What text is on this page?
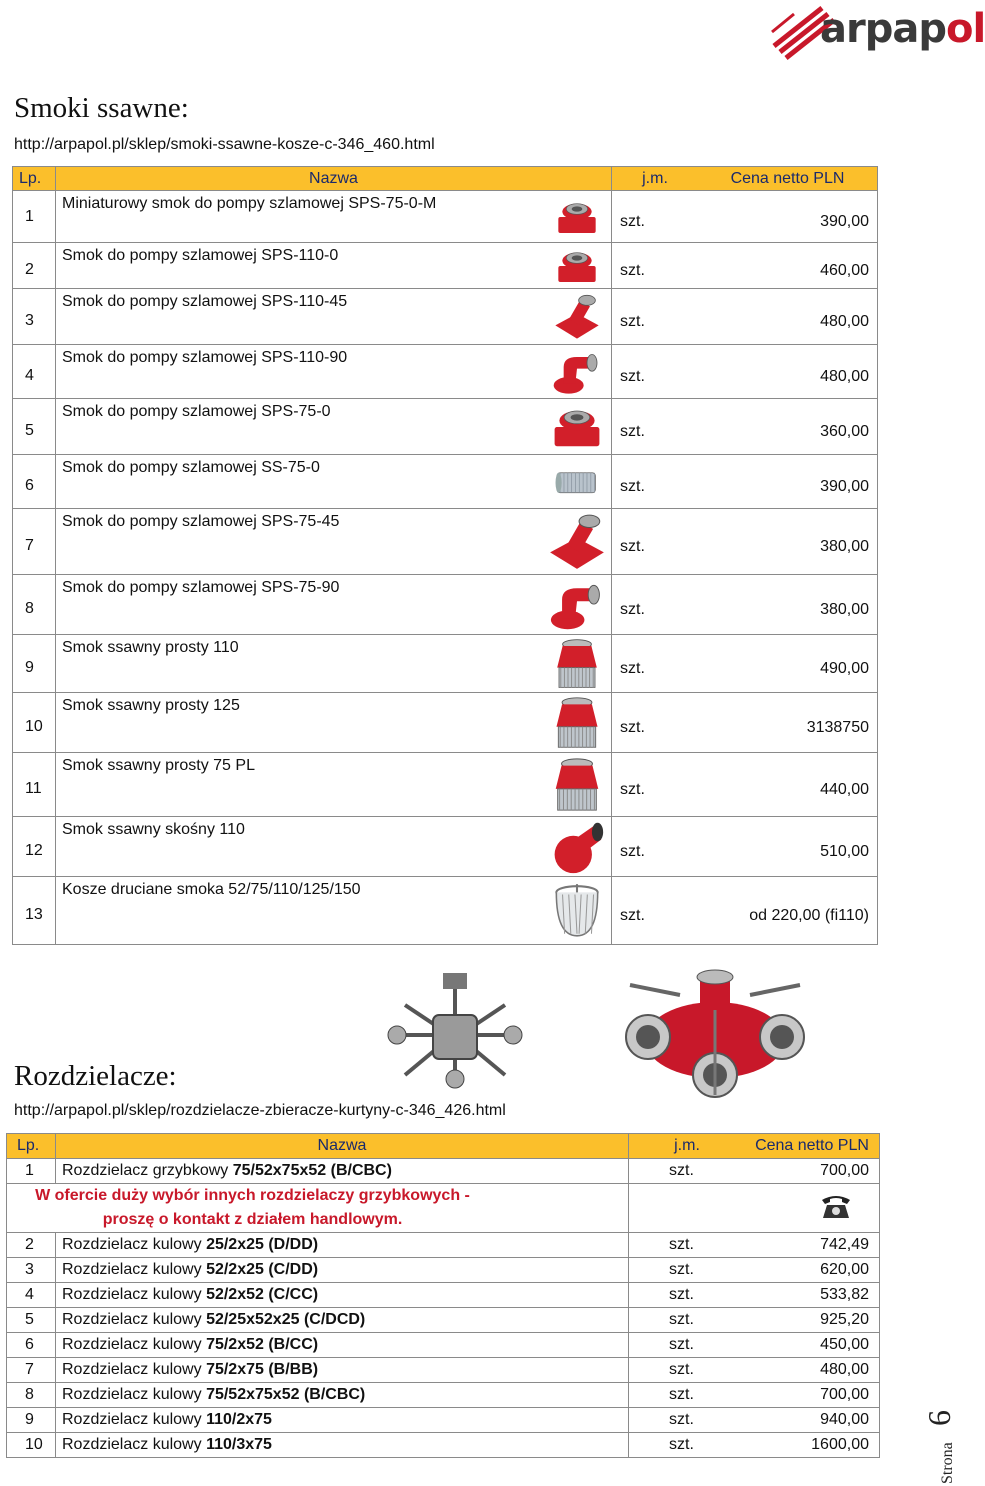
arpapol
Smoki ssawne:
http://arpapol.pl/sklep/smoki-ssawne-kosze-c-346_460.html
Lp.	Nazwa	j.m.	Cena netto PLN
1	Miniaturowy smok do pompy szlamowej SPS-75-0-M	szt.	390,00
2	Smok do pompy szlamowej SPS-110-0	szt.	460,00
3	Smok do pompy szlamowej SPS-110-45	szt.	480,00
4	Smok do pompy szlamowej SPS-110-90	szt.	480,00
5	Smok do pompy szlamowej SPS-75-0	szt.	360,00
6	Smok do pompy szlamowej SS-75-0	szt.	390,00
7	Smok do pompy szlamowej SPS-75-45	szt.	380,00
8	Smok do pompy szlamowej SPS-75-90	szt.	380,00
9	Smok ssawny prosty 110	szt.	490,00
10	Smok ssawny prosty 125	szt.	3138750
11	Smok ssawny prosty 75 PL	szt.	440,00
12	Smok ssawny skośny 110	szt.	510,00
13	Kosze druciane smoka 52/75/110/125/150	szt.	od 220,00 (fi110)
Rozdzielacze:
http://arpapol.pl/sklep/rozdzielacze-zbieracze-kurtyny-c-346_426.html
Lp.	Nazwa	j.m.	Cena netto PLN
1	Rozdzielacz grzybkowy 75/52x75x52 (B/CBC)	szt.	700,00
W ofercie duży wybór innych rozdzielaczy grzybkowych - proszę o kontakt z działem handlowym.	
2	Rozdzielacz kulowy 25/2x25 (D/DD)	szt.	742,49
3	Rozdzielacz kulowy 52/2x25 (C/DD)	szt.	620,00
4	Rozdzielacz kulowy 52/2x52 (C/CC)	szt.	533,82
5	Rozdzielacz kulowy 52/25x52x25 (C/DCD)	szt.	925,20
6	Rozdzielacz kulowy 75/2x52 (B/CC)	szt.	450,00
7	Rozdzielacz kulowy 75/2x75 (B/BB)	szt.	480,00
8	Rozdzielacz kulowy 75/52x75x52 (B/CBC)	szt.	700,00
9	Rozdzielacz kulowy 110/2x75	szt.	940,00
10	Rozdzielacz kulowy 110/3x75	szt.	1600,00
6
Strona
